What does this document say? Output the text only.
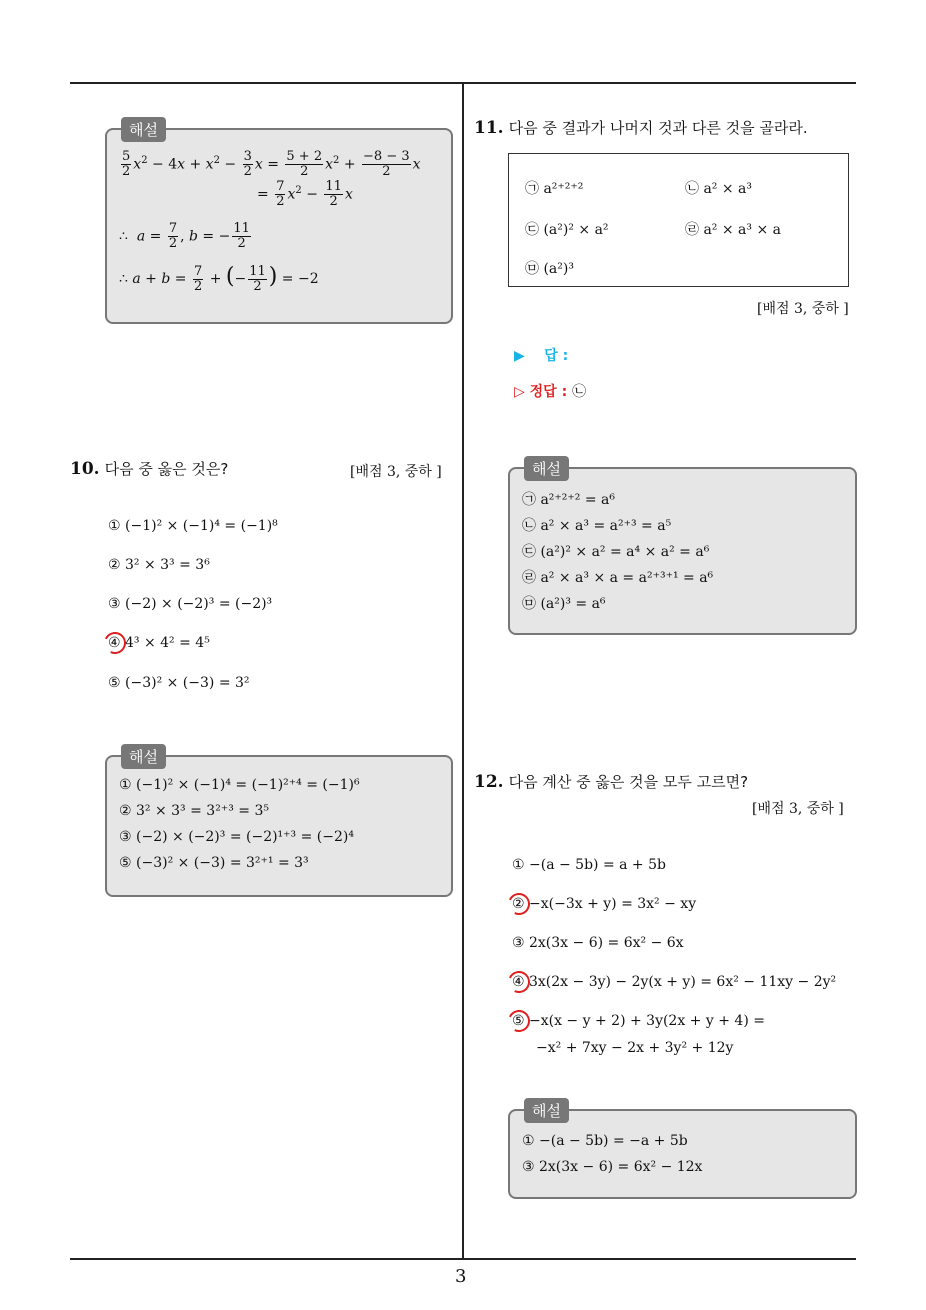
3
해설
$\frac{5}{2} x^2 - 4x + x^2 - \frac{3}{2}$ $x = \frac{5 + 2}{2} x^2 + \frac{-8 - 3}{2}$ x
= $\frac{7}{2} x^2 - \frac{11}{2}$ x
∴  $a = \frac{7}{2}$ , b = − $\frac{11}{2}$
∴ $a + b = \frac{7}{2}$ + (− $\frac{11}{2}$ ) = −2
10. 다음 중 옳은 것은?	[배점 3, 중하 ]
① (−1)² × (−1)⁴ = (−1)⁸
② 3² × 3³ = 3⁶
③ (−2) × (−2)³ = (−2)³
④ 4³ × 4² = 4⁵
⑤ (−3)² × (−3) = 3²
해설
① (−1)² × (−1)⁴ = (−1)²⁺⁴ = (−1)⁶
② 3² × 3³ = 3²⁺³ = 3⁵
③ (−2) × (−2)³ = (−2)¹⁺³ = (−2)⁴
⑤ (−3)² × (−3) = 3²⁺¹ = 3³
11. 다음 중 결과가 나머지 것과 다른 것을 골라라.
㉠ a²⁺²⁺²	㉡ a² × a³
㉢ (a²)² × a²	㉣ a² × a³ × a
㉤ (a²)³
[배점 3, 중하 ]
▶ 답 :
▷ 정답 : ㉡
해설
㉠ a²⁺²⁺² = a⁶
㉡ a² × a³ = a²⁺³ = a⁵
㉢ (a²)² × a² = a⁴ × a² = a⁶
㉣ a² × a³ × a = a²⁺³⁺¹ = a⁶
㉤ (a²)³ = a⁶
12. 다음 계산 중 옳은 것을 모두 고르면?
[배점 3, 중하 ]
① −(a − 5b) = a + 5b
② −x(−3x + y) = 3x² − xy
③ 2x(3x − 6) = 6x² − 6x
④ 3x(2x − 3y) − 2y(x + y) = 6x² − 11xy − 2y²
⑤ −x(x − y + 2) + 3y(2x + y + 4) =
−x² + 7xy − 2x + 3y² + 12y
해설
① −(a − 5b) = −a + 5b
③ 2x(3x − 6) = 6x² − 12x
